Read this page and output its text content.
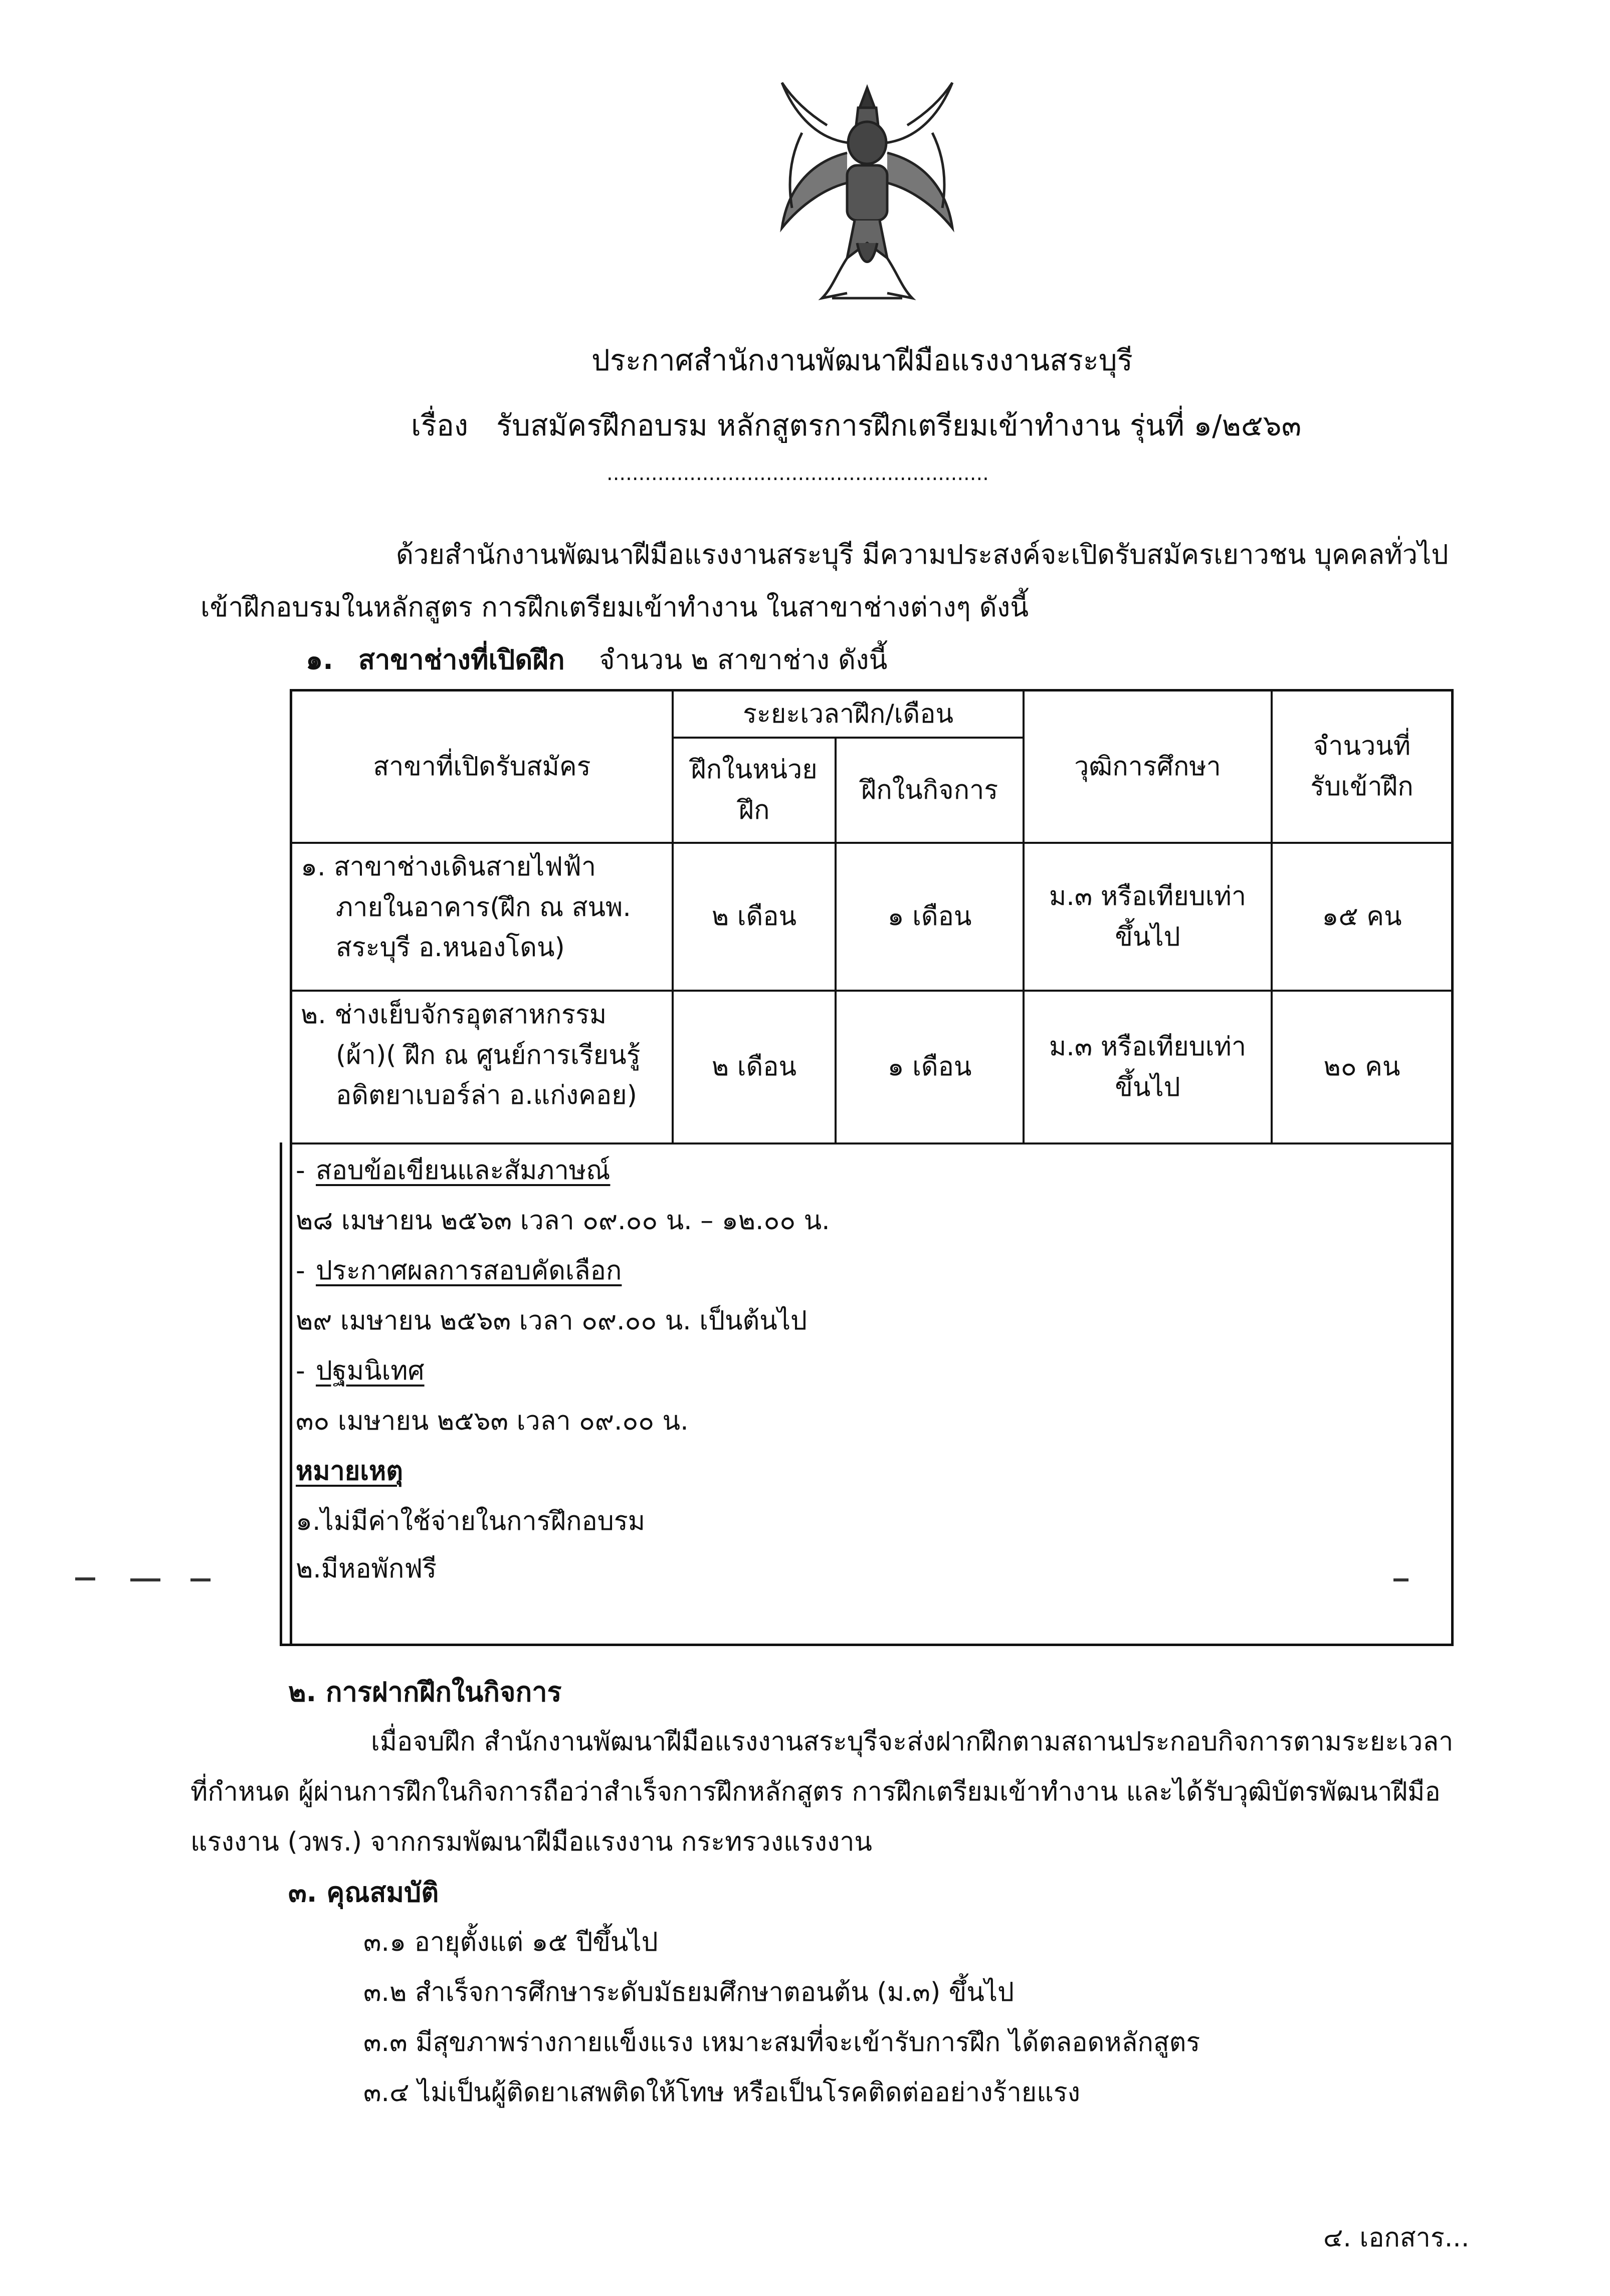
ประกาศสำนักงานพัฒนาฝีมือแรงงานสระบุรี
เรื่อง รับสมัครฝึกอบรม หลักสูตรการฝึกเตรียมเข้าทำงาน รุ่นที่ ๑/๒๕๖๓
............................................................
ด้วยสำนักงานพัฒนาฝีมือแรงงานสระบุรี มีความประสงค์จะเปิดรับสมัครเยาวชน บุคคลทั่วไป
เข้าฝึกอบรมในหลักสูตร การฝึกเตรียมเข้าทำงาน ในสาขาช่างต่างๆ ดังนี้
๑. สาขาช่างที่เปิดฝึก จำนวน ๒ สาขาช่าง ดังนี้
สาขาที่เปิดรับสมัคร
ระยะเวลาฝึก/เดือน
ฝึกในหน่วย
ฝึก
ฝึกในกิจการ
วุฒิการศึกษา
จำนวนที่
รับเข้าฝึก
๑. สาขาช่างเดินสายไฟฟ้า
ภายในอาคาร(ฝึก ณ สนพ.
สระบุรี อ.หนองโดน)
๒ เดือน	๑ เดือน
ม.๓ หรือเทียบเท่า
ขึ้นไป
๑๕ คน
๒. ช่างเย็บจักรอุตสาหกรรม
(ผ้า)( ฝึก ณ ศูนย์การเรียนรู้
อดิตยาเบอร์ล่า อ.แก่งคอย)
๒ เดือน	๑ เดือน
ม.๓ หรือเทียบเท่า
ขึ้นไป
๒๐ คน
- สอบข้อเขียนและสัมภาษณ์
๒๘ เมษายน ๒๕๖๓ เวลา ๐๙.๐๐ น. – ๑๒.๐๐ น.
- ประกาศผลการสอบคัดเลือก
๒๙ เมษายน ๒๕๖๓ เวลา ๐๙.๐๐ น. เป็นต้นไป
- ปฐมนิเทศ
๓๐ เมษายน ๒๕๖๓ เวลา ๐๙.๐๐ น.
หมายเหตุ
๑.ไม่มีค่าใช้จ่ายในการฝึกอบรม
๒.มีหอพักฟรี
๒. การฝากฝึกในกิจการ
เมื่อจบฝึก สำนักงานพัฒนาฝีมือแรงงานสระบุรีจะส่งฝากฝึกตามสถานประกอบกิจการตามระยะเวลา
ที่กำหนด ผู้ผ่านการฝึกในกิจการถือว่าสำเร็จการฝึกหลักสูตร การฝึกเตรียมเข้าทำงาน และได้รับวุฒิบัตรพัฒนาฝีมือ
แรงงาน (วพร.) จากกรมพัฒนาฝีมือแรงงาน กระทรวงแรงงาน
๓. คุณสมบัติ
๓.๑ อายุตั้งแต่ ๑๕ ปีขึ้นไป
๓.๒ สำเร็จการศึกษาระดับมัธยมศึกษาตอนต้น (ม.๓) ขึ้นไป
๓.๓ มีสุขภาพร่างกายแข็งแรง เหมาะสมที่จะเข้ารับการฝึก ได้ตลอดหลักสูตร
๓.๔ ไม่เป็นผู้ติดยาเสพติดให้โทษ หรือเป็นโรคติดต่ออย่างร้ายแรง
๔. เอกสาร...
